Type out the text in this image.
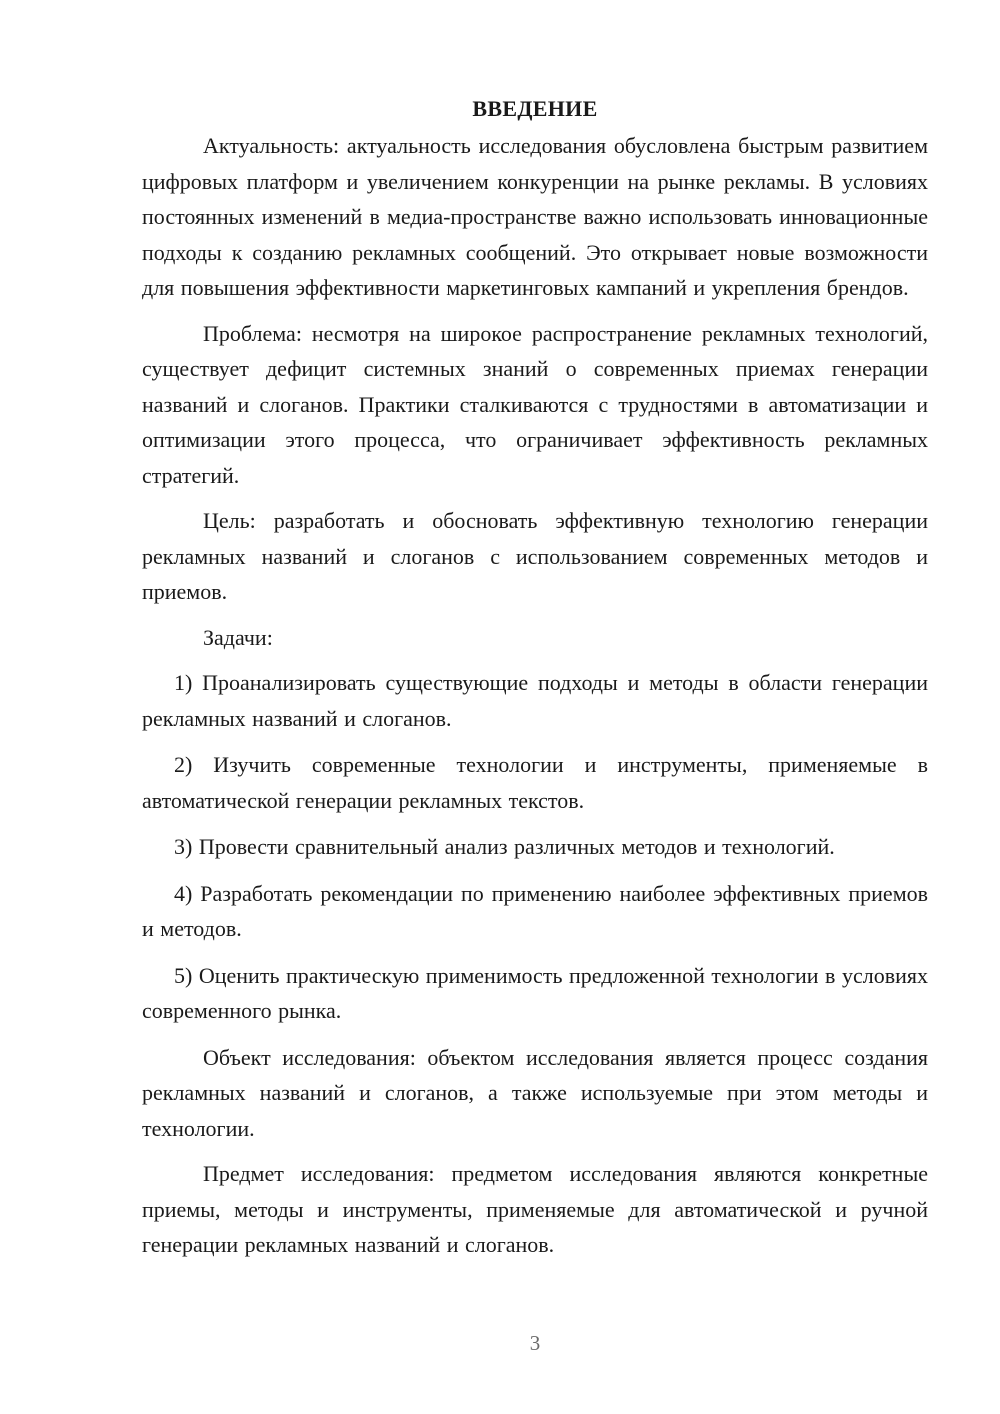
ВВЕДЕНИЕ

Актуальность: актуальность исследования обусловлена быстрым развитием цифровых платформ и увеличением конкуренции на рынке рекламы. В условиях постоянных изменений в медиа-пространстве важно использовать инновационные подходы к созданию рекламных сообщений. Это открывает новые возможности для повышения эффективности маркетинговых кампаний и укрепления брендов.

Проблема: несмотря на широкое распространение рекламных технологий, существует дефицит системных знаний о современных приемах генерации названий и слоганов. Практики сталкиваются с трудностями в автоматизации и оптимизации этого процесса, что ограничивает эффективность рекламных стратегий.

Цель: разработать и обосновать эффективную технологию генерации рекламных названий и слоганов с использованием современных методов и приемов.

Задачи:

1) Проанализировать существующие подходы и методы в области генерации рекламных названий и слоганов.

2) Изучить современные технологии и инструменты, применяемые в автоматической генерации рекламных текстов.

3) Провести сравнительный анализ различных методов и технологий.

4) Разработать рекомендации по применению наиболее эффективных приемов и методов.

5) Оценить практическую применимость предложенной технологии в условиях современного рынка.

Объект исследования: объектом исследования является процесс создания рекламных названий и слоганов, а также используемые при этом методы и технологии.

Предмет исследования: предметом исследования являются конкретные приемы, методы и инструменты, применяемые для автоматической и ручной генерации рекламных названий и слоганов.

3
